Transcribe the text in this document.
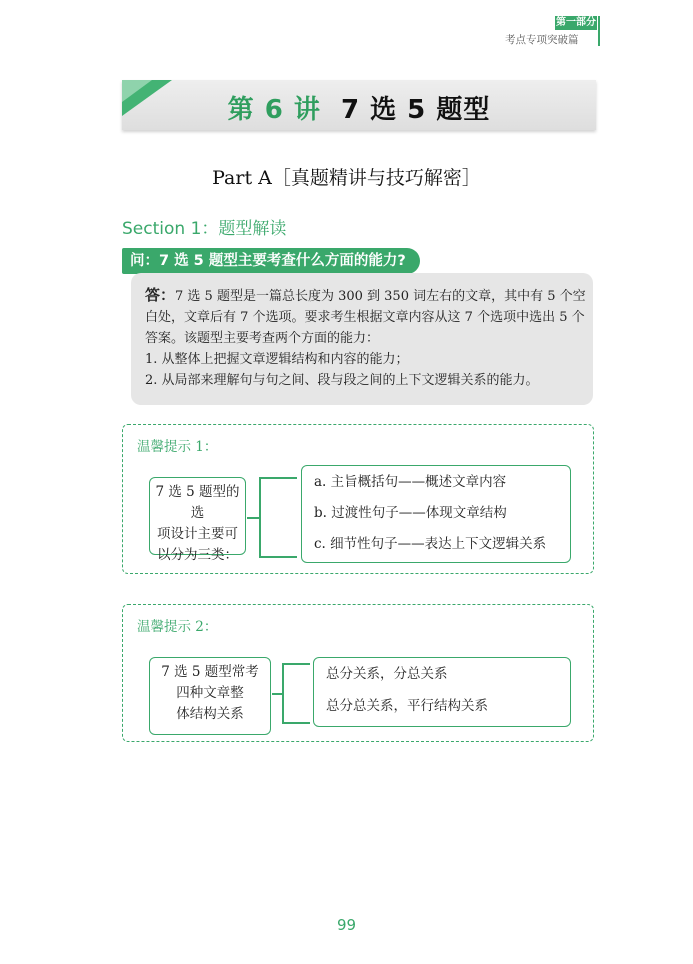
第一部分
考点专项突破篇
第 6 讲 7 选 5 题型
Part A［真题精讲与技巧解密］
Section 1：题型解读
问：7 选 5 题型主要考查什么方面的能力?

答：7 选 5 题型是一篇总长度为 300 到 350 词左右的文章，其中有 5 个空白处，文章后有 7 个选项。要求考生根据文章内容从这 7 个选项中选出 5 个答案。该题型主要考查两个方面的能力：

1. 从整体上把握文章逻辑结构和内容的能力；

2. 从局部来理解句与句之间、段与段之间的上下文逻辑关系的能力。

温馨提示 1：
7 选 5 题型的选
项设计主要可
以分为三类：
a. 主旨概括句——概述文章内容
b. 过渡性句子——体现文章结构
c. 细节性句子——表达上下文逻辑关系
温馨提示 2：
7 选 5 题型常考
四种文章整
体结构关系
总分关系，分总关系
总分总关系，平行结构关系
99
